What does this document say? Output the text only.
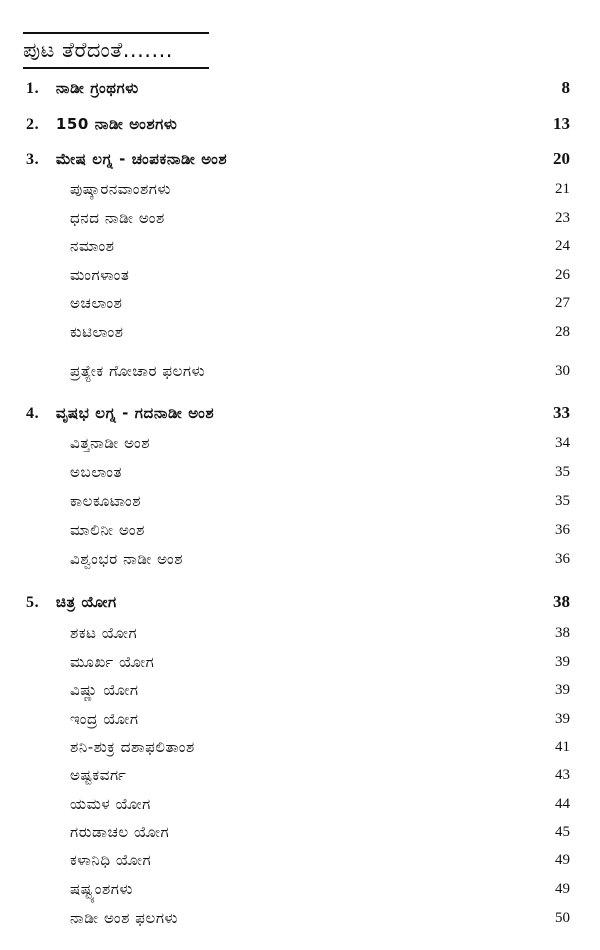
ಪುಟ ತೆರೆದಂತೆ.......
1. ನಾಡೀ ಗ್ರಂಥಗಳು	8
2. 150 ನಾಡೀ ಅಂಶಗಳು	13
3. ಮೇಷ ಲಗ್ನ - ಚಂಪಕನಾಡೀ ಅಂಶ	20
ಪುಷ್ಕಾರನವಾಂಶಗಳು	21
ಧನದ ನಾಡೀ ಅಂಶ	23
ನಮಾಂಶ	24
ಮಂಗಳಾಂತ	26
ಅಚಲಾಂಶ	27
ಕುಟಿಲಾಂಶ	28
ಪ್ರತ್ಯೇಕ ಗೋಚಾರ ಫಲಗಳು	30
4. ವೃಷಭ ಲಗ್ನ - ಗದನಾಡೀ ಅಂಶ	33
ವಿತ್ತನಾಡೀ ಅಂಶ	34
ಅಬಲಾಂತ	35
ಕಾಲಕೂಟಾಂಶ	35
ಮಾಲಿನೀ ಅಂಶ	36
ವಿಶ್ವಂಭರ ನಾಡೀ ಅಂಶ	36
5. ಚಿತ್ರ ಯೋಗ	38
ಶಕಟ ಯೋಗ	38
ಮೂರ್ಖ ಯೋಗ	39
ವಿಷ್ಣು ಯೋಗ	39
ಇಂದ್ರ ಯೋಗ	39
ಶನಿ-ಶುಕ್ರ ದಶಾಫಲಿತಾಂಶ	41
ಅಷ್ಟಕವರ್ಗ	43
ಯಮಳ ಯೋಗ	44
ಗರುಡಾಚಲ ಯೋಗ	45
ಕಳಾನಿಧಿ ಯೋಗ	49
ಷಷ್ಟ್ಯಂಶಗಳು	49
ನಾಡೀ ಅಂಶ ಫಲಗಳು	50
